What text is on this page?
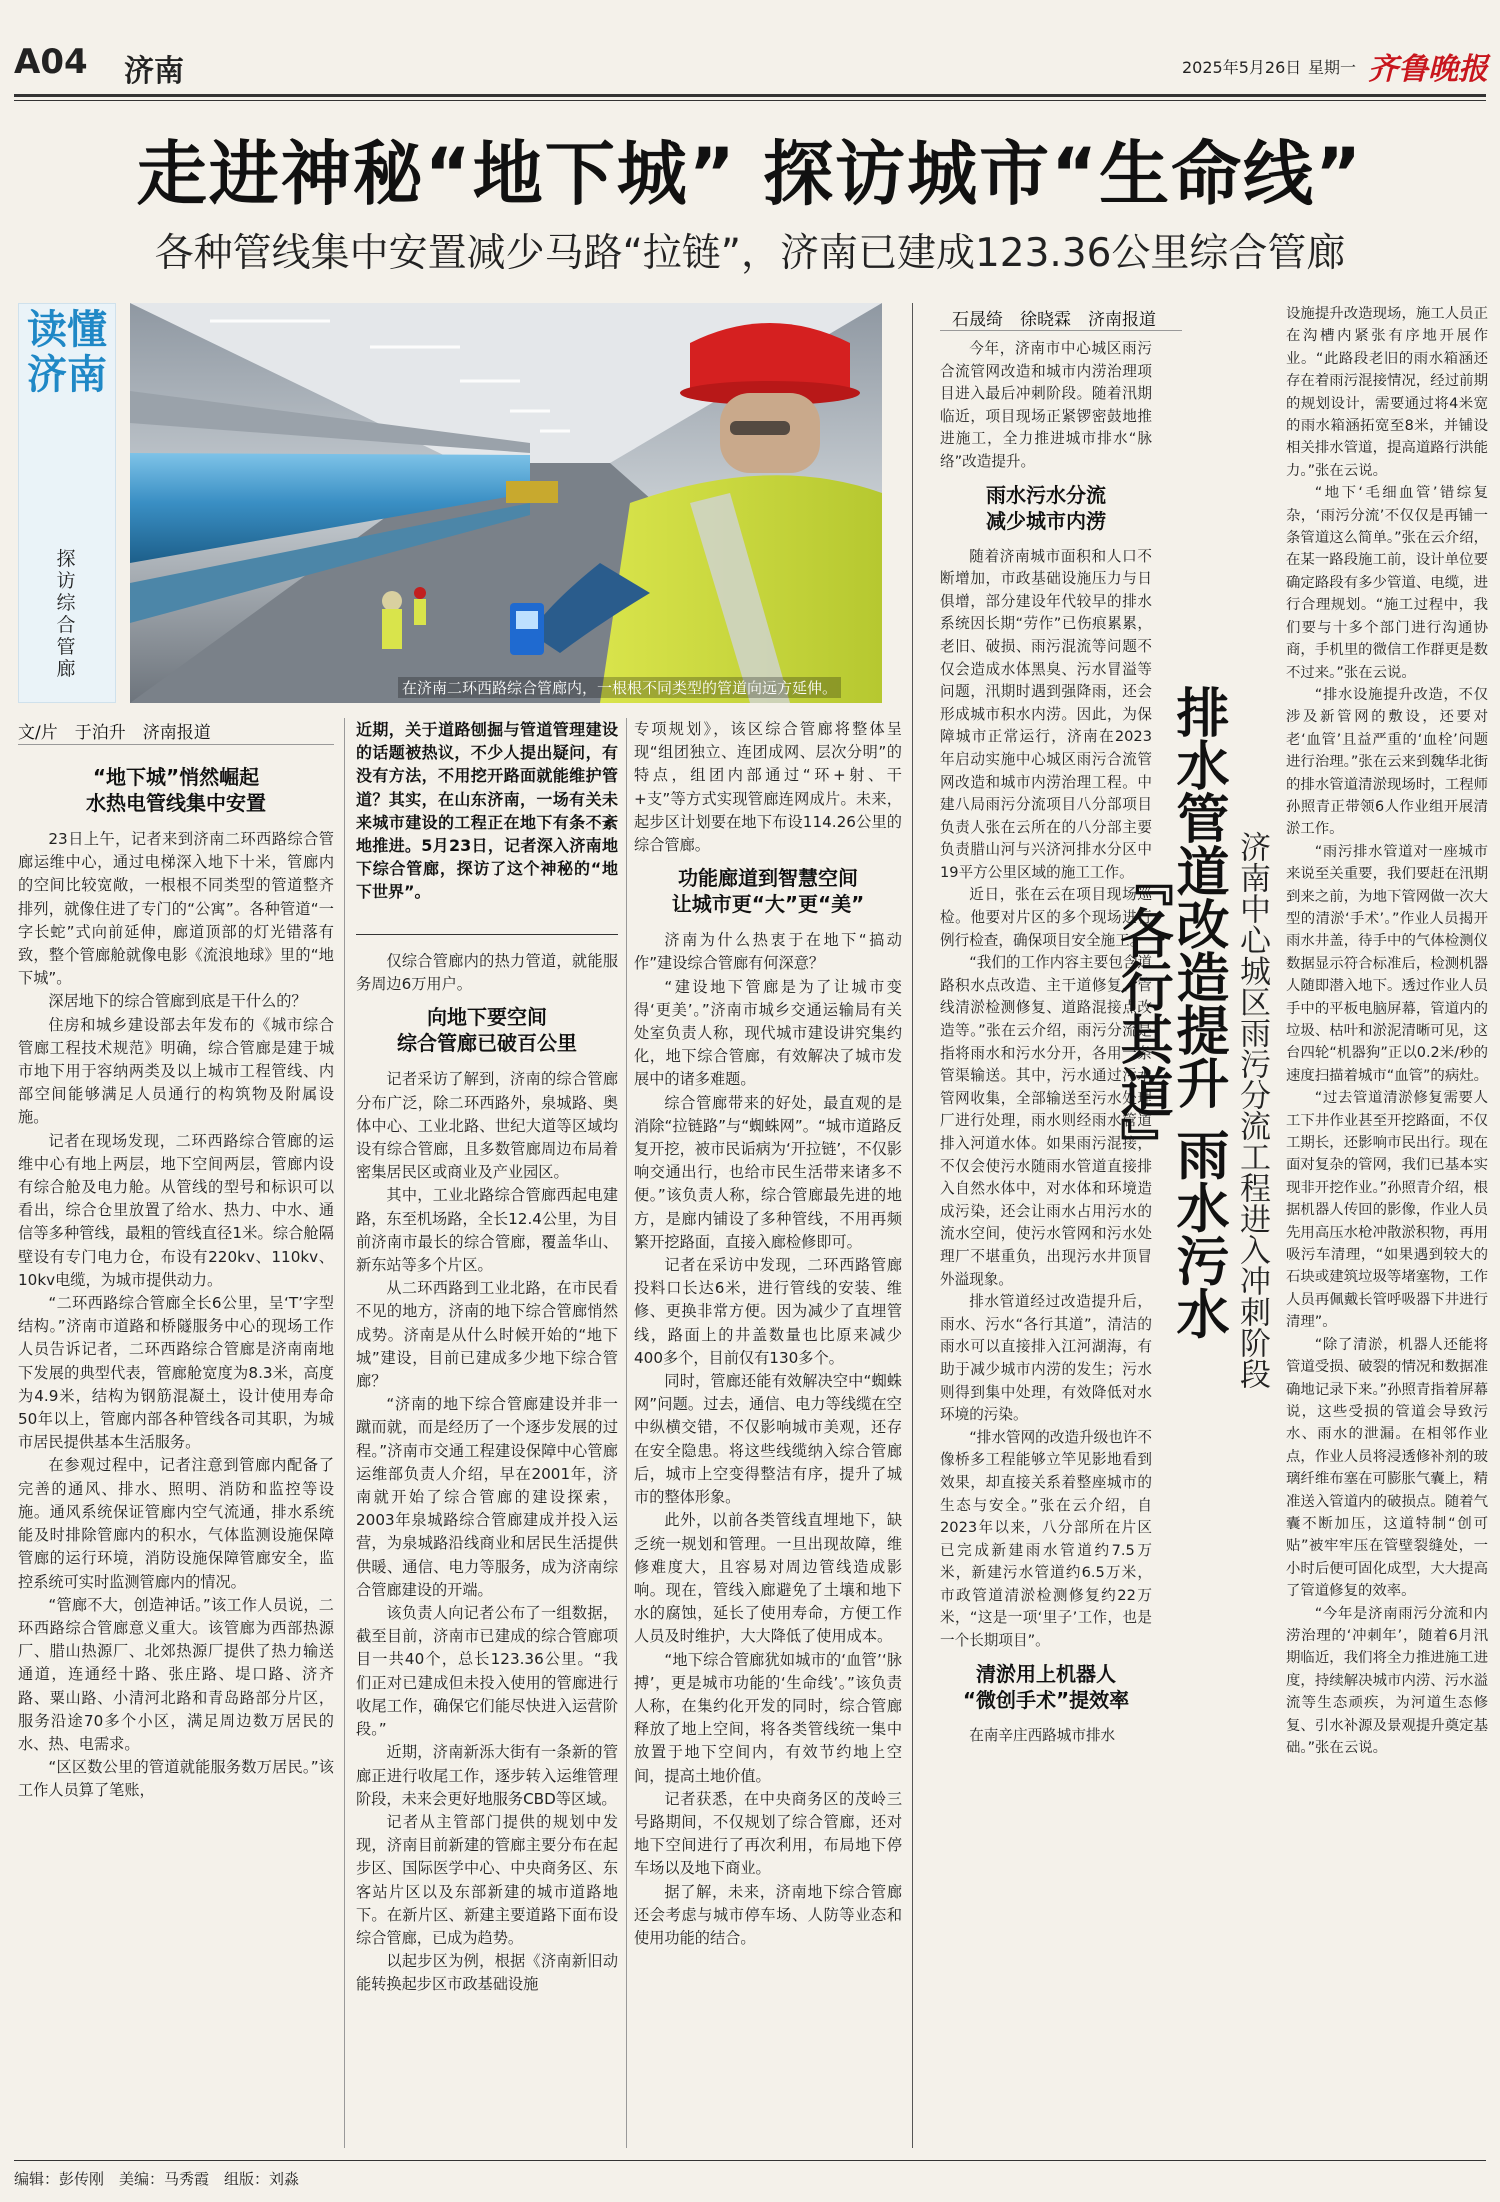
A04 济南	2025年5月26日 星期一 齐鲁晚报
走进神秘“地下城” 探访城市“生命线”
各种管线集中安置减少马路“拉链”，济南已建成123.36公里综合管廊
读懂济南
探访综合管廊
在济南二环西路综合管廊内，一根根不同类型的管道向远方延伸。
文/片　于泊升　济南报道
“地下城”悄然崛起
水热电管线集中安置

23日上午，记者来到济南二环西路综合管廊运维中心，通过电梯深入地下十米，管廊内的空间比较宽敞，一根根不同类型的管道整齐排列，就像住进了专门的“公寓”。各种管道“一字长蛇”式向前延伸，廊道顶部的灯光错落有致，整个管廊舱就像电影《流浪地球》里的“地下城”。

深居地下的综合管廊到底是干什么的？

住房和城乡建设部去年发布的《城市综合管廊工程技术规范》明确，综合管廊是建于城市地下用于容纳两类及以上城市工程管线、内部空间能够满足人员通行的构筑物及附属设施。

记者在现场发现，二环西路综合管廊的运维中心有地上两层，地下空间两层，管廊内设有综合舱及电力舱。从管线的型号和标识可以看出，综合仓里放置了给水、热力、中水、通信等多种管线，最粗的管线直径1米。综合舱隔壁设有专门电力仓，布设有220kv、110kv、10kv电缆，为城市提供动力。

“二环西路综合管廊全长6公里，呈‘T’字型结构。”济南市道路和桥隧服务中心的现场工作人员告诉记者，二环西路综合管廊是济南南地下发展的典型代表，管廊舱宽度为8.3米，高度为4.9米，结构为钢筋混凝土，设计使用寿命50年以上，管廊内部各种管线各司其职，为城市居民提供基本生活服务。

在参观过程中，记者注意到管廊内配备了完善的通风、排水、照明、消防和监控等设施。通风系统保证管廊内空气流通，排水系统能及时排除管廊内的积水，气体监测设施保障管廊的运行环境，消防设施保障管廊安全，监控系统可实时监测管廊内的情况。

“管廊不大，创造神话。”该工作人员说，二环西路综合管廊意义重大。该管廊为西部热源厂、腊山热源厂、北郊热源厂提供了热力输送通道，连通经十路、张庄路、堤口路、济齐路、粟山路、小清河北路和青岛路部分片区，服务沿途70多个小区，满足周边数万居民的水、热、电需求。

“区区数公里的管道就能服务数万居民。”该工作人员算了笔账，

近期，关于道路刨掘与管道管理建设的话题被热议，不少人提出疑问，有没有方法，不用挖开路面就能维护管道？其实，在山东济南，一场有关未来城市建设的工程正在地下有条不紊地推进。5月23日，记者深入济南地下综合管廊，探访了这个神秘的“地下世界”。

仅综合管廊内的热力管道，就能服务周边6万用户。

向地下要空间
综合管廊已破百公里

记者采访了解到，济南的综合管廊分布广泛，除二环西路外，泉城路、奥体中心、工业北路、世纪大道等区域均设有综合管廊，且多数管廊周边布局着密集居民区或商业及产业园区。

其中，工业北路综合管廊西起电建路，东至机场路，全长12.4公里，为目前济南市最长的综合管廊，覆盖华山、新东站等多个片区。

从二环西路到工业北路，在市民看不见的地方，济南的地下综合管廊悄然成势。济南是从什么时候开始的“地下城”建设，目前已建成多少地下综合管廊？

“济南的地下综合管廊建设并非一蹴而就，而是经历了一个逐步发展的过程。”济南市交通工程建设保障中心管廊运维部负责人介绍，早在2001年，济南就开始了综合管廊的建设探索，2003年泉城路综合管廊建成并投入运营，为泉城路沿线商业和居民生活提供供暖、通信、电力等服务，成为济南综合管廊建设的开端。

该负责人向记者公布了一组数据，截至目前，济南市已建成的综合管廊项目一共40个，总长123.36公里。“我们正对已建成但未投入使用的管廊进行收尾工作，确保它们能尽快进入运营阶段。”

近期，济南新泺大街有一条新的管廊正进行收尾工作，逐步转入运维管理阶段，未来会更好地服务CBD等区域。

记者从主管部门提供的规划中发现，济南目前新建的管廊主要分布在起步区、国际医学中心、中央商务区、东客站片区以及东部新建的城市道路地下。在新片区、新建主要道路下面布设综合管廊，已成为趋势。

以起步区为例，根据《济南新旧动能转换起步区市政基础设施

专项规划》，该区综合管廊将整体呈现“组团独立、连团成网、层次分明”的特点，组团内部通过“环+射、干+支”等方式实现管廊连网成片。未来，起步区计划要在地下布设114.26公里的综合管廊。

功能廊道到智慧空间
让城市更“大”更“美”

济南为什么热衷于在地下“搞动作”建设综合管廊有何深意？

“建设地下管廊是为了让城市变得‘更美’。”济南市城乡交通运输局有关处室负责人称，现代城市建设讲究集约化，地下综合管廊，有效解决了城市发展中的诸多难题。

综合管廊带来的好处，最直观的是消除“拉链路”与“蜘蛛网”。“城市道路反复开挖，被市民诟病为‘开拉链’，不仅影响交通出行，也给市民生活带来诸多不便。”该负责人称，综合管廊最先进的地方，是廊内铺设了多种管线，不用再频繁开挖路面，直接入廊检修即可。

记者在采访中发现，二环西路管廊投料口长达6米，进行管线的安装、维修、更换非常方便。因为减少了直埋管线，路面上的井盖数量也比原来减少400多个，目前仅有130多个。

同时，管廊还能有效解决空中“蜘蛛网”问题。过去，通信、电力等线缆在空中纵横交错，不仅影响城市美观，还存在安全隐患。将这些线缆纳入综合管廊后，城市上空变得整洁有序，提升了城市的整体形象。

此外，以前各类管线直埋地下，缺乏统一规划和管理。一旦出现故障，维修难度大，且容易对周边管线造成影响。现在，管线入廊避免了土壤和地下水的腐蚀，延长了使用寿命，方便工作人员及时维护，大大降低了使用成本。

“地下综合管廊犹如城市的‘血管’‘脉搏’，更是城市功能的‘生命线’。”该负责人称，在集约化开发的同时，综合管廊释放了地上空间，将各类管线统一集中放置于地下空间内，有效节约地上空间，提高土地价值。

记者获悉，在中央商务区的茂岭三号路期间，不仅规划了综合管廊，还对地下空间进行了再次利用，布局地下停车场以及地下商业。

据了解，未来，济南地下综合管廊还会考虑与城市停车场、人防等业态和使用功能的结合。

石晟绮　徐晓霖　济南报道

今年，济南市中心城区雨污合流管网改造和城市内涝治理项目进入最后冲刺阶段。随着汛期临近，项目现场正紧锣密鼓地推进施工，全力推进城市排水“脉络”改造提升。

雨水污水分流
减少城市内涝

随着济南城市面积和人口不断增加，市政基础设施压力与日俱增，部分建设年代较早的排水系统因长期“劳作”已伤痕累累，老旧、破损、雨污混流等问题不仅会造成水体黑臭、污水冒溢等问题，汛期时遇到强降雨，还会形成城市积水内涝。因此，为保障城市正常运行，济南在2023年启动实施中心城区雨污合流管网改造和城市内涝治理工程。中建八局雨污分流项目八分部项目负责人张在云所在的八分部主要负责腊山河与兴济河排水分区中19平方公里区域的施工工作。

近日，张在云在项目现场巡检。他要对片区的多个现场进行例行检查，确保项目安全施工。

“我们的工作内容主要包含道路积水点改造、主干道修复、管线清淤检测修复、道路混接点改造等。”张在云介绍，雨污分流是指将雨水和污水分开，各用一条管渠输送。其中，污水通过污水管网收集，全部输送至污水处理厂进行处理，雨水则经雨水管道排入河道水体。如果雨污混接，不仅会使污水随雨水管道直接排入自然水体中，对水体和环境造成污染，还会让雨水占用污水的流水空间，使污水管网和污水处理厂不堪重负，出现污水井顶冒外溢现象。

排水管道经过改造提升后，雨水、污水“各行其道”，清洁的雨水可以直接排入江河湖海，有助于减少城市内涝的发生；污水则得到集中处理，有效降低对水环境的污染。

“排水管网的改造升级也许不像桥多工程能够立竿见影地看到效果，却直接关系着整座城市的生态与安全。”张在云介绍，自2023年以来，八分部所在片区已完成新建雨水管道约7.5万米，新建污水管道约6.5万米，市政管道清淤检测修复约22万米，“这是一项‘里子’工作，也是一个长期项目”。

清淤用上机器人
“微创手术”提效率

在南辛庄西路城市排水

排水管道改造提升 雨水污水『各行其道』	济南中心城区雨污分流工程进入冲刺阶段

设施提升改造现场，施工人员正在沟槽内紧张有序地开展作业。“此路段老旧的雨水箱涵还存在着雨污混接情况，经过前期的规划设计，需要通过将4米宽的雨水箱涵拓宽至8米，并铺设相关排水管道，提高道路行洪能力。”张在云说。

“地下‘毛细血管’错综复杂，‘雨污分流’不仅仅是再铺一条管道这么简单。”张在云介绍，在某一路段施工前，设计单位要确定路段有多少管道、电缆，进行合理规划。“施工过程中，我们要与十多个部门进行沟通协商，手机里的微信工作群更是数不过来。”张在云说。

“排水设施提升改造，不仅涉及新管网的敷设，还要对老‘血管’且益严重的‘血栓’问题进行治理。”张在云来到魏华北街的排水管道清淤现场时，工程师孙照青正带领6人作业组开展清淤工作。

“雨污排水管道对一座城市来说至关重要，我们要赶在汛期到来之前，为地下管网做一次大型的清淤‘手术’。”作业人员揭开雨水井盖，待手中的气体检测仪数据显示符合标准后，检测机器人随即潜入地下。透过作业人员手中的平板电脑屏幕，管道内的垃圾、枯叶和淤泥清晰可见，这台四轮“机器狗”正以0.2米/秒的速度扫描着城市“血管”的病灶。

“过去管道清淤修复需要人工下井作业甚至开挖路面，不仅工期长，还影响市民出行。现在面对复杂的管网，我们已基本实现非开挖作业。”孙照青介绍，根据机器人传回的影像，作业人员先用高压水枪冲散淤积物，再用吸污车清理，“如果遇到较大的石块或建筑垃圾等堵塞物，工作人员再佩戴长管呼吸器下井进行清理”。

“除了清淤，机器人还能将管道受损、破裂的情况和数据准确地记录下来。”孙照青指着屏幕说，这些受损的管道会导致污水、雨水的泄漏。在相邻作业点，作业人员将浸透修补剂的玻璃纤维布塞在可膨胀气囊上，精准送入管道内的破损点。随着气囊不断加压，这道特制“创可贴”被牢牢压在管壁裂缝处，一小时后便可固化成型，大大提高了管道修复的效率。

“今年是济南雨污分流和内涝治理的‘冲刺年’，随着6月汛期临近，我们将全力推进施工进度，持续解决城市内涝、污水溢流等生态顽疾，为河道生态修复、引水补源及景观提升奠定基础。”张在云说。

编辑：彭传刚　美编：马秀霞　组版：刘淼
